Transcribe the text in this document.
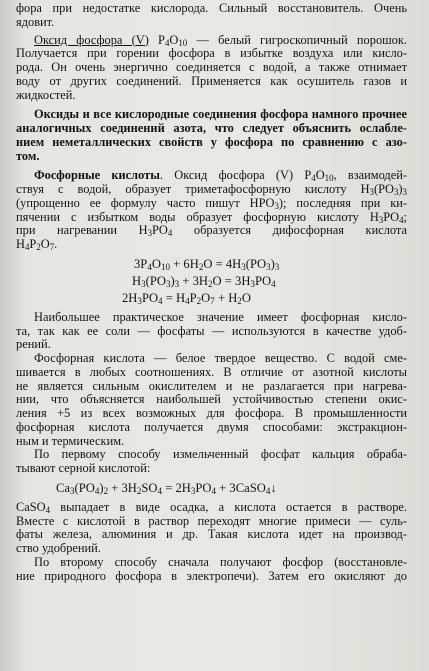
фора при недостатке кислорода. Сильный восстановитель. Очень
ядовит.
Оксид фосфора (V) $P_4O_{10}$ — белый гигроскопичный порошок.
Получается при горении фосфора в избытке воздуха или кисло-
рода. Он очень энергично соединяется с водой, а также отнимает
воду от других соединений. Применяется как осушитель газов и
жидкостей.
Оксиды и все кислородные соединения фосфора намного прочнее
аналогичных соединений азота, что следует объяснить ослабле-
нием неметаллических свойств у фосфора по сравнению с азо-
том.
Фосфорные кислоты. Оксид фосфора (V) $P_4O_{10}$, взаимодей-
ствуя с водой, образует триметафосфорную кислоту $H_3(PO_3)_3$
(упрощенно ее формулу часто пишут $HPO_3$); последняя при ки-
пячении с избытком воды образует фосфорную кислоту $H_3PO_4$;
при нагревании $H_3PO_4$ образуется дифосфорная кислота
$H_4P_2O_7$.
$3P_4O_{10} + 6H_2O = 4H_3(PO_3)_3$
$H_3(PO_3)_3 + 3H_2O = 3H_3PO_4$
$2H_3PO_4 = H_4P_2O_7 + H_2O$
Наибольшее практическое значение имеет фосфорная кисло-
та, так как ее соли — фосфаты — используются в качестве удоб-
рений.
Фосфорная кислота — белое твердое вещество. С водой сме-
шивается в любых соотношениях. В отличие от азотной кислоты
не является сильным окислителем и не разлагается при нагрева-
нии, что объясняется наибольшей устойчивостью степени окис-
ления +5 из всех возможных для фосфора. В промышленности
фосфорная кислота получается двумя способами: экстракцион-
ным и термическим.
По первому способу измельченный фосфат кальция обраба-
тывают серной кислотой:
$Ca_3(PO_4)_2 + 3H_2SO_4 = 2H_3PO_4$ + 3CaSO$_4$↓
CaSO$_4$ выпадает в виде осадка, а кислота остается в растворе.
Вместе с кислотой в раствор переходят многие примеси — суль-
фаты железа, алюминия и др. Такая кислота идет на производ-
ство удобрений.
По второму способу сначала получают фосфор (восстановле-
ние природного фосфора в электропечи). Затем его окисляют до
